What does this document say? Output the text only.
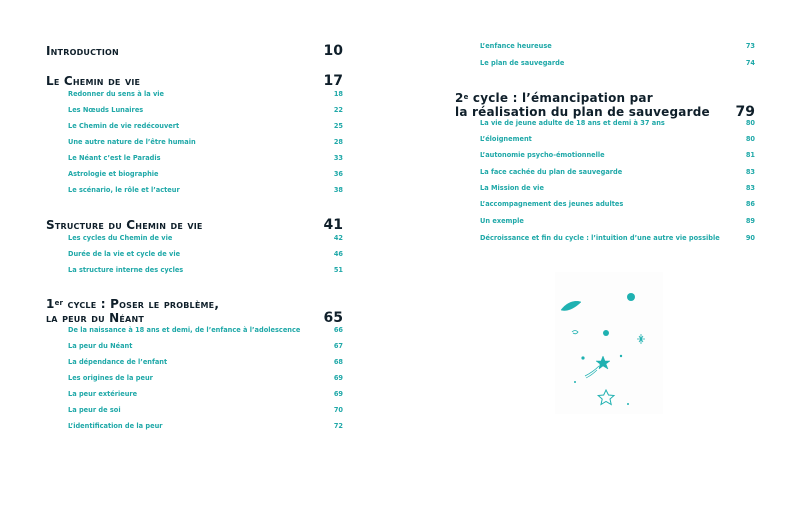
Introduction	10
Le Chemin de vie	17
Redonner du sens à la vie	18
Les Nœuds Lunaires	22
Le Chemin de vie redécouvert	25
Une autre nature de l’être humain	28
Le Néant c’est le Paradis	33
Astrologie et biographie	36
Le scénario, le rôle et l’acteur	38
Structure du Chemin de vie	41
Les cycles du Chemin de vie	42
Durée de la vie et cycle de vie	46
La structure interne des cycles	51
1er cycle : Poser le problème,
la peur du Néant	65
De la naissance à 18 ans et demi, de l’enfance à l’adolescence	66
La peur du Néant	67
La dépendance de l’enfant	68
Les origines de la peur	69
La peur extérieure	69
La peur de soi	70
L’identification de la peur	72
L’enfance heureuse	73
Le plan de sauvegarde	74
2e cycle : l’émancipation par
la réalisation du plan de sauvegarde 79
La vie de jeune adulte de 18 ans et demi à 37 ans	80
L’éloignement	80
L’autonomie psycho-émotionnelle	81
La face cachée du plan de sauvegarde	83
La Mission de vie	83
L’accompagnement des jeunes adultes	86
Un exemple	89
Décroissance et fin du cycle : l’intuition d’une autre vie possible	90
